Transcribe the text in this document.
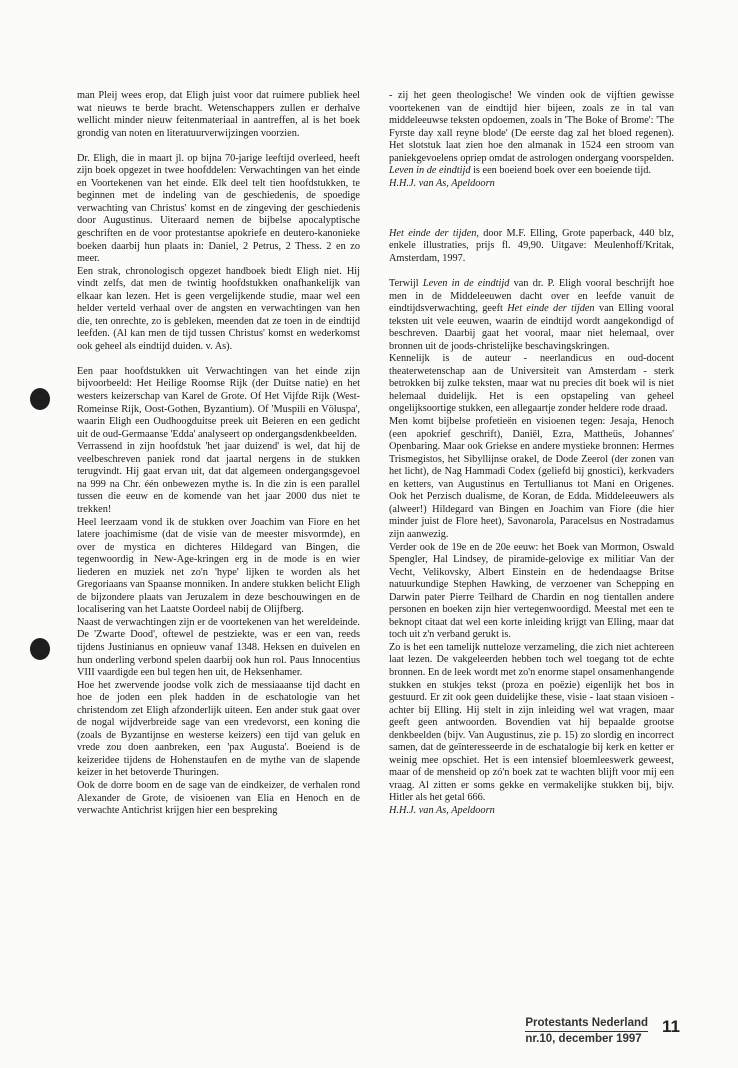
man Pleij wees erop, dat Eligh juist voor dat ruimere publiek heel wat nieuws te berde bracht. Wetenschappers zullen er derhalve wellicht minder nieuw feitenmateriaal in aantreffen, al is het boek grondig van noten en literatuurverwijzingen voorzien.

Dr. Eligh, die in maart jl. op bijna 70-jarige leeftijd overleed, heeft zijn boek opgezet in twee hoofddelen: Verwachtingen van het einde en Voortekenen van het einde. Elk deel telt tien hoofdstukken, te beginnen met de indeling van de geschiedenis, de spoedige verwachting van Christus' komst en de zingeving der geschiedenis door Augustinus. Uiteraard nemen de bijbelse apocalyptische geschriften en de voor protestantse apokriefe en deutero-kanonieke boeken daarbij hun plaats in: Daniel, 2 Petrus, 2 Thess. 2 en zo meer.

Een strak, chronologisch opgezet handboek biedt Eligh niet. Hij vindt zelfs, dat men de twintig hoofdstukken onafhankelijk van elkaar kan lezen. Het is geen vergelijkende studie, maar wel een helder verteld verhaal over de angsten en verwachtingen van hen die, ten onrechte, zo is gebleken, meenden dat ze toen in de eindtijd leefden. (Al kan men de tijd tussen Christus' komst en wederkomst ook geheel als eindtijd duiden. v. As).

Een paar hoofdstukken uit Verwachtingen van het einde zijn bijvoorbeeld: Het Heilige Roomse Rijk (der Duitse natie) en het westers keizerschap van Karel de Grote. Of Het Vijfde Rijk (West-Romeinse Rijk, Oost-Gothen, Byzantium). Of 'Muspili en Völuspa', waarin Eligh een Oudhoogduitse preek uit Beieren en een gedicht uit de oud-Germaanse 'Edda' analyseert op ondergangsdenkbeelden.

Verrassend in zijn hoofdstuk 'het jaar duizend' is wel, dat hij de veelbeschreven paniek rond dat jaartal nergens in de stukken terugvindt. Hij gaat ervan uit, dat dat algemeen ondergangsgevoel na 999 na Chr. één onbewezen mythe is. In die zin is een parallel tussen die eeuw en de komende van het jaar 2000 dus niet te trekken!

Heel leerzaam vond ik de stukken over Joachim van Fiore en het latere joachimisme (dat de visie van de meester misvormde), en over de mystica en dichteres Hildegard van Bingen, die tegenwoordig in New-Age-kringen erg in de mode is en wier liederen en muziek net zo'n 'hype' lijken te worden als het Gregoriaans van Spaanse monniken. In andere stukken belicht Eligh de bijzondere plaats van Jeruzalem in deze beschouwingen en de localisering van het Laatste Oordeel nabij de Olijfberg.

Naast de verwachtingen zijn er de voortekenen van het wereldeinde. De 'Zwarte Dood', oftewel de pestziekte, was er een van, reeds tijdens Justinianus en opnieuw vanaf 1348. Heksen en duivelen en hun onderling verbond spelen daarbij ook hun rol. Paus Innocentius VIII vaardigde een bul tegen hen uit, de Heksenhamer.

Hoe het zwervende joodse volk zich de messiaaanse tijd dacht en hoe de joden een plek hadden in de eschatologie van het christendom zet Eligh afzonderlijk uiteen. Een ander stuk gaat over de nogal wijdverbreide sage van een vredevorst, een koning die (zoals de Byzantijnse en westerse keizers) een tijd van geluk en vrede zou doen aanbreken, een 'pax Augusta'. Boeiend is de keizeridee tijdens de Hohenstaufen en de mythe van de slapende keizer in het betoverde Thuringen.

Ook de dorre boom en de sage van de eindkeizer, de verhalen rond Alexander de Grote, de visioenen van Elia en Henoch en de verwachte Antichrist krijgen hier een bespreking

- zij het geen theologische! We vinden ook de vijftien gewisse voortekenen van de eindtijd hier bijeen, zoals ze in tal van middeleeuwse teksten opdoemen, zoals in 'The Boke of Brome': 'The Fyrste day xall reyne blode' (De eerste dag zal het bloed regenen). Het slotstuk laat zien hoe den almanak in 1524 een stroom van paniekgevoelens opriep omdat de astrologen ondergang voorspelden.

Leven in de eindtijd is een boeiend boek over een boeiende tijd.

H.H.J. van As, Apeldoorn

Het einde der tijden, door M.F. Elling, Grote paperback, 440 blz, enkele illustraties, prijs fl. 49,90. Uitgave: Meulenhoff/Kritak, Amsterdam, 1997.

Terwijl Leven in de eindtijd van dr. P. Eligh vooral beschrijft hoe men in de Middeleeuwen dacht over en leefde vanuit de eindtijdsverwachting, geeft Het einde der tijden van Elling vooral teksten uit vele eeuwen, waarin de eindtijd wordt aangekondigd of beschreven. Daarbij gaat het vooral, maar niet helemaal, over bronnen uit de joods-christelijke beschavingskringen.

Kennelijk is de auteur - neerlandicus en oud-docent theaterwetenschap aan de Universiteit van Amsterdam - sterk betrokken bij zulke teksten, maar wat nu precies dit boek wil is niet helemaal duidelijk. Het is een opstapeling van geheel ongelijksoortige stukken, een allegaartje zonder heldere rode draad.

Men komt bijbelse profetieën en visioenen tegen: Jesaja, Henoch (een apokrief geschrift), Daniël, Ezra, Mattheüs, Johannes' Openbaring. Maar ook Griekse en andere mystieke bronnen: Hermes Trismegistos, het Sibyllijnse orakel, de Dode Zeerol (der zonen van het licht), de Nag Hammadi Codex (geliefd bij gnostici), kerkvaders en ketters, van Augustinus en Tertullianus tot Mani en Origenes. Ook het Perzisch dualisme, de Koran, de Edda. Middeleeuwers als (alweer!) Hildegard van Bingen en Joachim van Fiore (die hier minder juist de Flore heet), Savonarola, Paracelsus en Nostradamus zijn aanwezig.

Verder ook de 19e en de 20e eeuw: het Boek van Mormon, Oswald Spengler, Hal Lindsey, de piramide-gelovige ex militiar Van der Vecht, Velikovsky, Albert Einstein en de hedendaagse Britse natuurkundige Stephen Hawking, de verzoener van Schepping en Darwin pater Pierre Teilhard de Chardin en nog tientallen andere personen en boeken zijn hier vertegenwoordigd. Meestal met een te beknopt citaat dat wel een korte inleiding krijgt van Elling, maar dat toch uit z'n verband gerukt is.

Zo is het een tamelijk nutteloze verzameling, die zich niet achtereen laat lezen. De vakgeleerden hebben toch wel toegang tot de echte bronnen. En de leek wordt met zo'n enorme stapel onsamenhangende stukken en stukjes tekst (proza en poëzie) eigenlijk het bos in gestuurd. Er zit ook geen duidelijke these, visie - laat staan visioen - achter bij Elling. Hij stelt in zijn inleiding wel wat vragen, maar geeft geen antwoorden. Bovendien vat hij bepaalde grootse denkbeelden (bijv. Van Augustinus, zie p. 15) zo slordig en incorrect samen, dat de geïnteresseerde in de eschatalogie bij kerk en ketter er weinig mee opschiet. Het is een intensief bloemleeswerk geweest, maar of de mensheid op zó'n boek zat te wachten blijft voor mij een vraag. Al zitten er soms gekke en vermakelijke stukken bij, bijv. Hitler als het getal 666.

H.H.J. van As, Apeldoorn

Protestants Nederland
nr.10, december 1997
11
